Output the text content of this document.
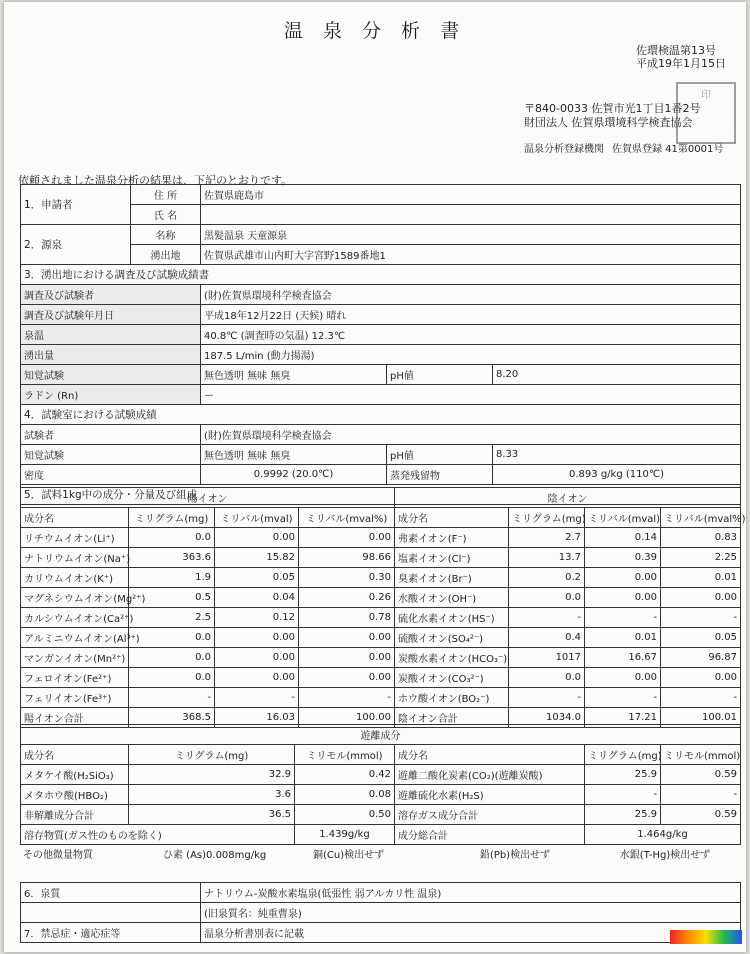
温 泉 分 析 書
佐環検温第13号
平成19年1月15日
〒840-0033 佐賀市光1丁目1番2号
財団法人 佐賀県環境科学検査協会
温泉分析登録機関 佐賀県登録 41第0001号
印
依頼されました温泉分析の結果は、下記のとおりです。
1．申請者	住 所	佐賀県鹿島市		
	氏 名			
2．源泉	名称	黒髪温泉 天童源泉		
	湧出地	佐賀県武雄市山内町大字宮野1589番地1		
3．湧出地における調査及び試験成績書				
調査及び試験者		(財)佐賀県環境科学検査協会		
調査及び試験年月日		平成18年12月22日 (天候) 晴れ		
泉温		40.8℃ (調査時の気温) 12.3℃		
湧出量		187.5 L/min (動力揚湯)		
知覚試験		無色透明 無味 無臭	pH値	8.20
ラドン (Rn)		ー		
4．試験室における試験成績				
試験者		(財)佐賀県環境科学検査協会		
知覚試験		無色透明 無味 無臭	pH値	8.33
密度		0.9992 (20.0℃)	蒸発残留物	0.893 g/kg (110℃)
5．試料1kg中の成分・分量及び組成				
陽イオン				陰イオン			
成分名	ミリグラム(mg)	ミリバル(mval)	ミリバル(mval%)	成分名	ミリグラム(mg)	ミリバル(mval)	ミリバル(mval%)
リチウムイオン(Li⁺)	0.0	0.00	0.00	弗素イオン(F⁻)	2.7	0.14	0.83
ナトリウムイオン(Na⁺)	363.6	15.82	98.66	塩素イオン(Cl⁻)	13.7	0.39	2.25
カリウムイオン(K⁺)	1.9	0.05	0.30	臭素イオン(Br⁻)	0.2	0.00	0.01
マグネシウムイオン(Mg²⁺)	0.5	0.04	0.26	水酸イオン(OH⁻)	0.0	0.00	0.00
カルシウムイオン(Ca²⁺)	2.5	0.12	0.78	硫化水素イオン(HS⁻)	-	-	-
アルミニウムイオン(Al³⁺)	0.0	0.00	0.00	硫酸イオン(SO₄²⁻)	0.4	0.01	0.05
マンガンイオン(Mn²⁺)	0.0	0.00	0.00	炭酸水素イオン(HCO₃⁻)	1017	16.67	96.87
フェロイオン(Fe²⁺)	0.0	0.00	0.00	炭酸イオン(CO₃²⁻)	0.0	0.00	0.00
フェリイオン(Fe³⁺)	-	-	-	ホウ酸イオン(BO₂⁻)	-	-	-
陽イオン合計	368.5	16.03	100.00	陰イオン合計	1034.0	17.21	100.01
遊離成分					
成分名	ミリグラム(mg)	ミリモル(mmol)	成分名	ミリグラム(mg)	ミリモル(mmol)
メタケイ酸(H₂SiO₃)	32.9	0.42	遊離二酸化炭素(CO₂)(遊離炭酸)	25.9	0.59
メタホウ酸(HBO₂)	3.6	0.08	遊離硫化水素(H₂S)	-	-
非解離成分合計	36.5	0.50	溶存ガス成分合計	25.9	0.59
溶存物質(ガス性のものを除く)		1.439g/kg	成分総合計	1.464g/kg	
その他微量物質	ひ素 (As)0.008mg/kg	銅(Cu)検出せず	鉛(Pb)検出せず	水銀(T-Hg)検出せず
6．泉質	ナトリウム-炭酸水素塩泉(低張性 弱アルカリ性 温泉)
	(旧泉質名：純重曹泉)
7．禁忌症・適応症等	温泉分析書別表に記載
